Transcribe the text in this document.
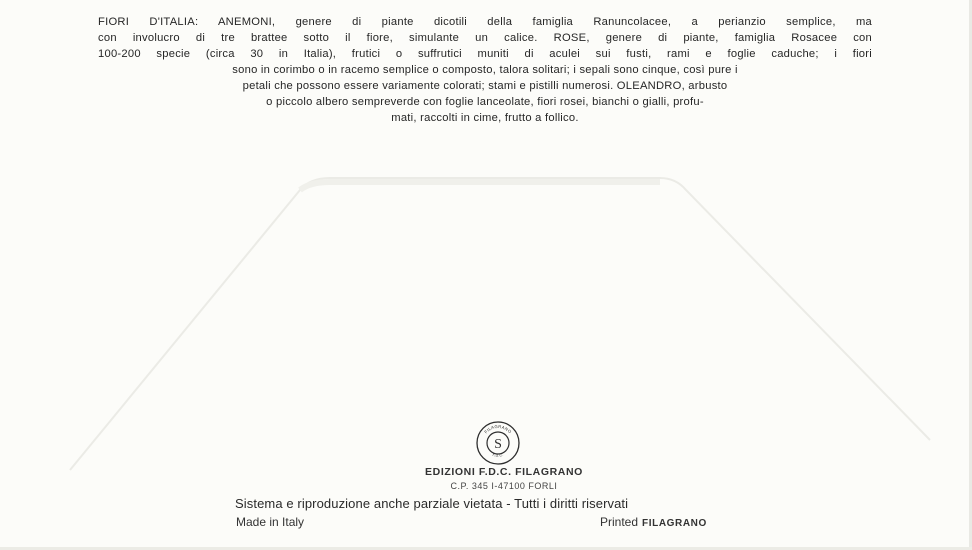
FIORI D'ITALIA: ANEMONI, genere di piante dicotili della famiglia Ranuncolacee, a perianzio semplice, ma
con involucro di tre brattee sotto il fiore, simulante un calice. ROSE, genere di piante, famiglia Rosacee con
100-200 specie (circa 30 in Italia), frutici o suffrutici muniti di aculei sui fusti, rami e foglie caduche; i fiori
sono in corimbo o in racemo semplice o composto, talora solitari; i sepali sono cinque, così pure i
petali che possono essere variamente colorati; stami e pistilli numerosi. OLEANDRO, arbusto
o piccolo albero sempreverde con foglie lanceolate, fiori rosei, bianchi o gialli, profu-
mati, raccolti in cime, frutto a follico.
S
FILAGRANO
F.D.C.
EDIZIONI F.D.C. FILAGRANO
C.P. 345 I-47100 FORLI

Sistema e riproduzione anche parziale vietata - Tutti i diritti riservati

Made in Italy	Printed FILAGRANO
